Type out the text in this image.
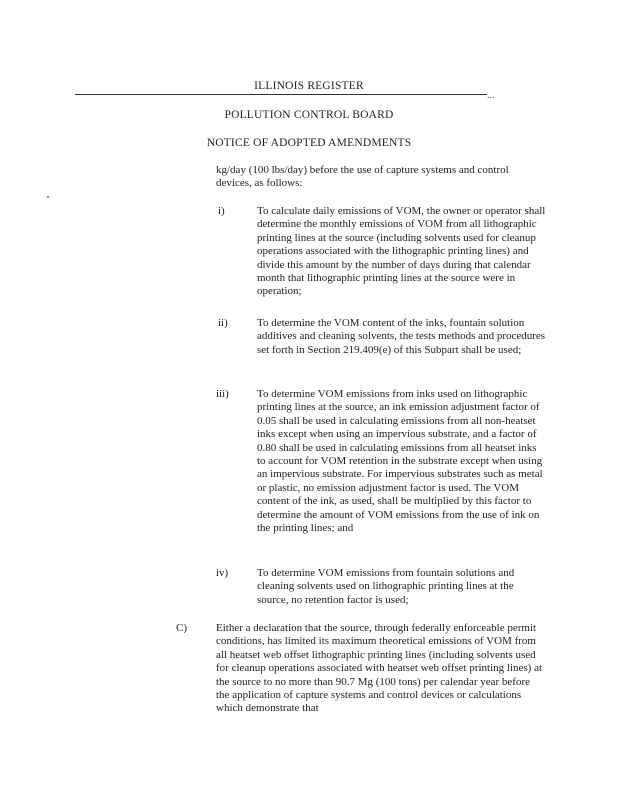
ILLINOIS REGISTER
...
POLLUTION CONTROL BOARD
NOTICE OF ADOPTED AMENDMENTS

kg/day (100 lbs/day) before the use of capture systems and control devices, as follows:

i)	To calculate daily emissions of VOM, the owner or operator shall determine the monthly emissions of VOM from all lithographic printing lines at the source (including solvents used for cleanup operations associated with the lithographic printing lines) and divide this amount by the number of days during that calendar month that lithographic printing lines at the source were in operation;

ii)	To determine the VOM content of the inks, fountain solution additives and cleaning solvents, the tests methods and procedures set forth in Section 219.409(e) of this Subpart shall be used;

iii)	To determine VOM emissions from inks used on lithographic printing lines at the source, an ink emission adjustment factor of 0.05 shall be used in calculating emissions from all non-heatset inks except when using an impervious substrate, and a factor of 0.80 shall be used in calculating emissions from all heatset inks to account for VOM retention in the substrate except when using an impervious substrate. For impervious substrates such as metal or plastic, no emission adjustment factor is used. The VOM content of the ink, as used, shall be multiplied by this factor to determine the amount of VOM emissions from the use of ink on the printing lines; and

iv)	To determine VOM emissions from fountain solutions and cleaning solvents used on lithographic printing lines at the source, no retention factor is used;

C)	Either a declaration that the source, through federally enforceable permit conditions, has limited its maximum theoretical emissions of VOM from all heatset web offset lithographic printing lines (including solvents used for cleanup operations associated with heatset web offset printing lines) at the source to no more than 90.7 Mg (100 tons) per calendar year before the application of capture systems and control devices or calculations which demonstrate that
